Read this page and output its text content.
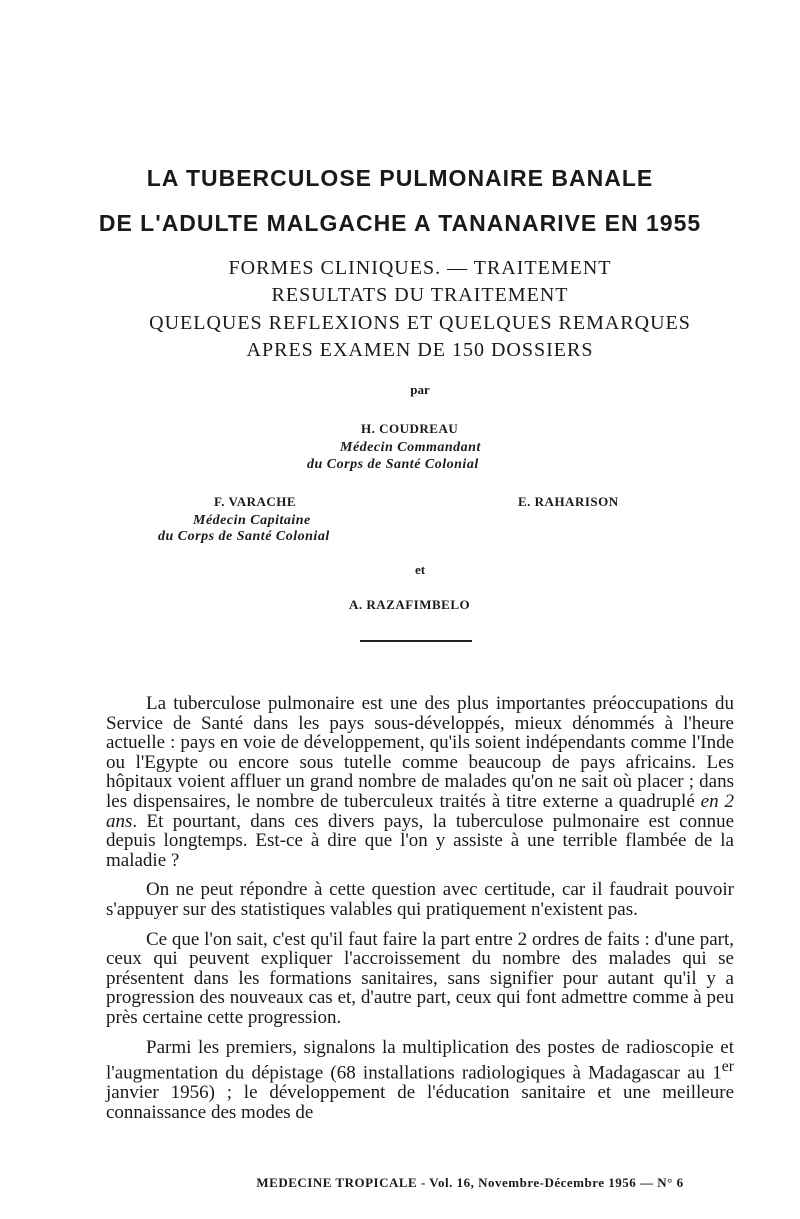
LA TUBERCULOSE PULMONAIRE BANALE
DE L'ADULTE MALGACHE A TANANARIVE EN 1955
FORMES CLINIQUES. — TRAITEMENT
RESULTATS DU TRAITEMENT
QUELQUES REFLEXIONS ET QUELQUES REMARQUES
APRES EXAMEN DE 150 DOSSIERS
par
H. COUDREAU
Médecin Commandant
du Corps de Santé Colonial
F. VARACHE
Médecin Capitaine
du Corps de Santé Colonial
E. RAHARISON
et
A. RAZAFIMBELO

La tuberculose pulmonaire est une des plus importantes préoccupations du Service de Santé dans les pays sous-développés, mieux dénommés à l'heure actuelle : pays en voie de développement, qu'ils soient indépendants comme l'Inde ou l'Egypte ou encore sous tutelle comme beaucoup de pays africains. Les hôpitaux voient affluer un grand nombre de malades qu'on ne sait où placer ; dans les dispensaires, le nombre de tuberculeux traités à titre externe a quadruplé en 2 ans. Et pourtant, dans ces divers pays, la tuberculose pulmonaire est connue depuis longtemps. Est-ce à dire que l'on y assiste à une terrible flambée de la maladie ?

On ne peut répondre à cette question avec certitude, car il faudrait pouvoir s'appuyer sur des statistiques valables qui pratiquement n'existent pas.

Ce que l'on sait, c'est qu'il faut faire la part entre 2 ordres de faits : d'une part, ceux qui peuvent expliquer l'accroissement du nombre des malades qui se présentent dans les formations sanitaires, sans signifier pour autant qu'il y a progression des nouveaux cas et, d'autre part, ceux qui font admettre comme à peu près certaine cette progression.

Parmi les premiers, signalons la multiplication des postes de radioscopie et l'augmentation du dépistage (68 installations radiologiques à Madagascar au 1er janvier 1956) ; le développement de l'éducation sanitaire et une meilleure connaissance des modes de

MEDECINE TROPICALE - Vol. 16, Novembre-Décembre 1956 — N° 6
